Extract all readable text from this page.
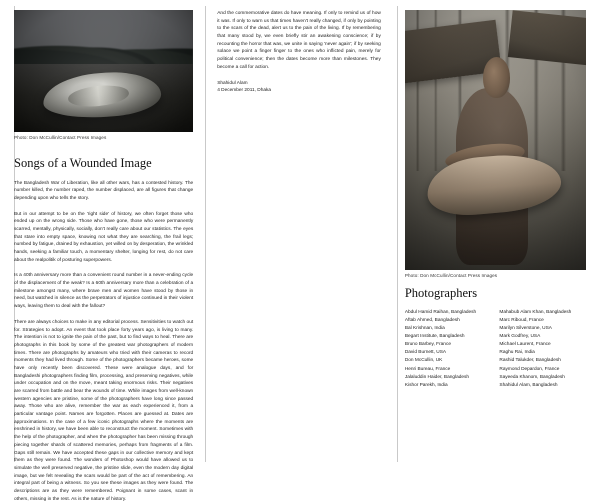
Photo: Don McCullin/Contact Press Images
Songs of a Wounded Image

The Bangladesh War of Liberation, like all other wars, has a contested history. The number killed, the number raped, the number displaced, are all figures that change depending upon who tells the story.

But in our attempt to be on the 'right side' of history, we often forget those who ended up on the wrong side. Those who have gone, those who were permanently scarred, mentally, physically, socially, don't really care about our statistics. The eyes that stare into empty space, knowing not what they are searching, the frail legs; numbed by fatigue, drained by exhaustion, yet willed on by desperation, the wrinkled hands, seeking a familiar touch, a momentary shelter, longing for rest, do not care about the realpolitik of posturing superpowers.

Is a 40th anniversary more than a convenient round number in a never-ending cycle of the displacement of the weak? Is a 60th anniversary more than a celebration of a milestone amongst many, where brave men and women have stood by those in need, but watched in silence as the perpetrators of injustice continued in their violent ways, leaving them to deal with the fallout?

There are always choices to make in any editorial process. Sensitivities to watch out for. Strategies to adopt. An event that took place forty years ago, is living to many. The intention is not to ignite the pain of the past, but to find ways to heal. There are photographs in this book by some of the greatest war photographers of modern times. There are photographs by amateurs who tried with their cameras to record moments they had lived through. Some of the photographers became heroes, some have only recently been discovered. These were analogue days, and for Bangladeshi photographers finding film, processing, and preserving negatives, while under occupation and on the move, meant taking enormous risks. Their negatives are scarred from battle and bear the wounds of time. While images from well-known western agencies are pristine, some of the photographers have long since passed away. Those who are alive, remember the war as each experienced it, from a particular vantage point. Names are forgotten. Places are guessed at. Dates are approximations. In the case of a few iconic photographs where the moments are enshrined in history, we have been able to reconstruct the moment. Sometimes with the help of the photographer, and when the photographer has been missing through piecing together shards of scattered memories, perhaps from fragments of a film. Gaps still remain. We have accepted these gaps in our collective memory and kept them as they were found. The wonders of Photoshop would have allowed us to simulate the well preserved negative, the pristine slide, even the modern day digital image, but we felt revealing the scars would be part of the act of remembering. An integral part of being a witness. So you see these images as they were found. The descriptions are as they were remembered. Poignant in some cases, scant in others, missing in the rest. As is the nature of history.

And the commemorative dates do have meaning. If only to remind us of how it was. If only to warn us that times haven't really changed, if only by pointing to the scars of the dead, alert us to the pain of the living. If by remembering that many stood by, we even briefly stir an awakening conscience; if by recounting the horror that was, we unite in saying 'never again'; if by seeking solace we point a finger finger to the ones who inflicted pain, merely for political convenience; then the dates become more than milestones. They become a call for action.

Shahidul Alam
4 December 2011, Dhaka
Photo: Don McCullin/Contact Press Images
Photographers
Abdul Hamid Raihan, Bangladesh
Aftab Ahmed, Bangladesh
Bal Krishnan, India
Begart Institute, Bangladesh
Bruno Barbey, France
David Burnett, USA
Don McCullin, UK
Henri Bureau, France
Jalaluddin Haider, Bangladesh
Kishor Parekh, India
Mahabub Alam Khan, Bangladesh
Marc Riboud, France
Marilyn Silverstone, USA
Mark Godfrey, USA
Michael Laurent, France
Raghu Rai, India
Rashid Talukder, Bangladesh
Raymond Depardon, France
Sayeeda Khanom, Bangladesh
Shahidul Alam, Bangladesh
